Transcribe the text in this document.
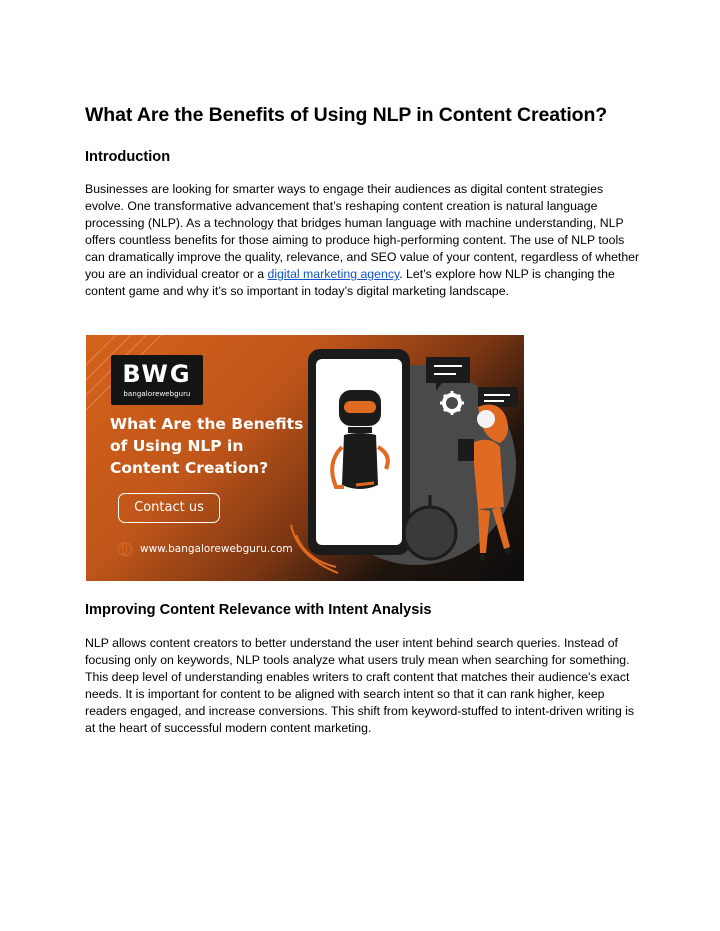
What Are the Benefits of Using NLP in Content Creation?
Introduction

Businesses are looking for smarter ways to engage their audiences as digital content strategies evolve. One transformative advancement that’s reshaping content creation is natural language processing (NLP). As a technology that bridges human language with machine understanding, NLP offers countless benefits for those aiming to produce high-performing content. The use of NLP tools can dramatically improve the quality, relevance, and SEO value of your content, regardless of whether you are an individual creator or a digital marketing agency. Let’s explore how NLP is changing the content game and why it’s so important in today’s digital marketing landscape.

Improving Content Relevance with Intent Analysis

NLP allows content creators to better understand the user intent behind search queries. Instead of focusing only on keywords, NLP tools analyze what users truly mean when searching for something. This deep level of understanding enables writers to craft content that matches their audience's exact needs. It is important for content to be aligned with search intent so that it can rank higher, keep readers engaged, and increase conversions. This shift from keyword-stuffed to intent-driven writing is at the heart of successful modern content marketing.

BWG
bangalorewebguru
What Are the Benefits
of Using NLP in
Content Creation?
Contact us
www.bangalorewebguru.com
